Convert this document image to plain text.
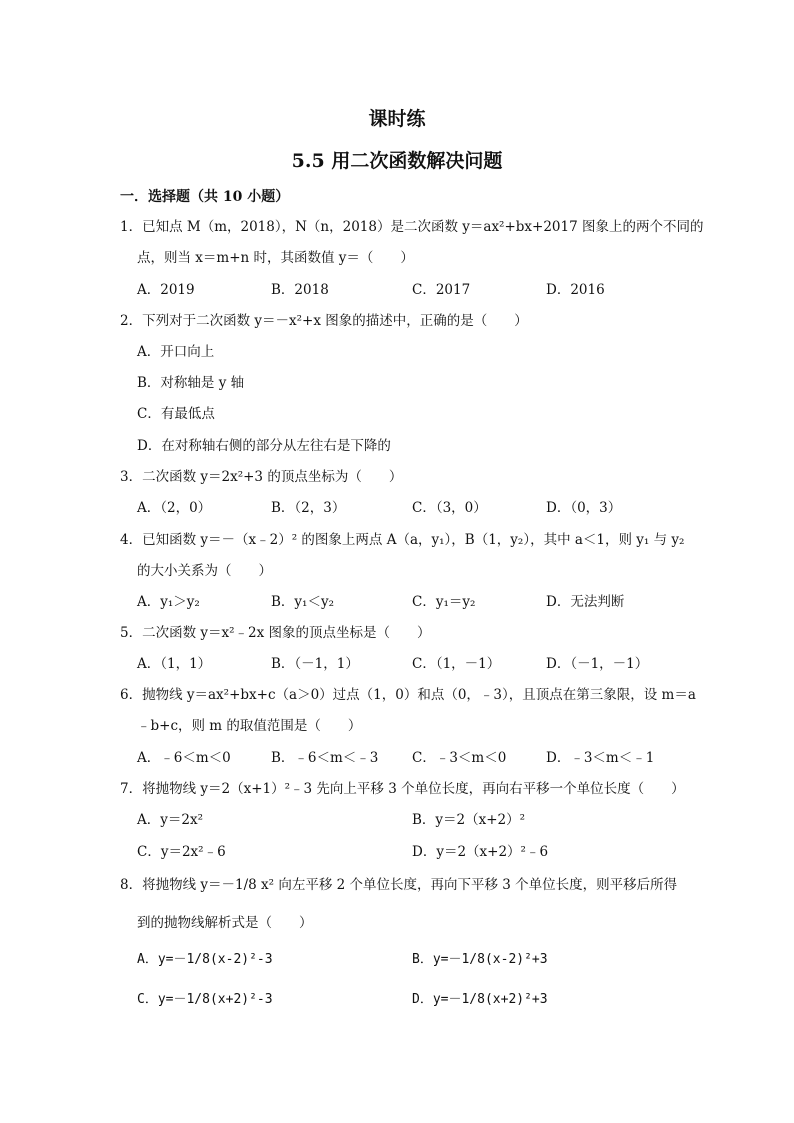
课时练
5.5 用二次函数解决问题
一．选择题（共 10 小题）
1．已知点 M（m，2018），N（n，2018）是二次函数 y＝ax²+bx+2017 图象上的两个不同的
点，则当 x＝m+n 时，其函数值 y＝（　　）
A．2019	B．2018	C．2017	D．2016
2．下列对于二次函数 y＝－x²+x 图象的描述中，正确的是（　　）
A．开口向上
B．对称轴是 y 轴
C．有最低点
D．在对称轴右侧的部分从左往右是下降的
3．二次函数 y＝2x²+3 的顶点坐标为（　　）
A．（2，0）	B．（2，3）	C．（3，0）	D．（0，3）
4．已知函数 y＝－（x﹣2）² 的图象上两点 A（a，y₁），B（1，y₂），其中 a＜1，则 y₁ 与 y₂
的大小关系为（　　）
A．y₁＞y₂	B．y₁＜y₂	C．y₁＝y₂	D．无法判断
5．二次函数 y＝x²﹣2x 图象的顶点坐标是（　　）
A．（1，1）	B．（－1，1）	C．（1，－1）	D．（－1，－1）
6．抛物线 y＝ax²+bx+c（a＞0）过点（1，0）和点（0，﹣3），且顶点在第三象限，设 m＝a
﹣b+c，则 m 的取值范围是（　　）
A．﹣6＜m＜0	B．﹣6＜m＜﹣3 C．﹣3＜m＜0	D．﹣3＜m＜﹣1
7．将抛物线 y＝2（x+1）²﹣3 先向上平移 3 个单位长度，再向右平移一个单位长度（　　）
A．y＝2x²	B．y＝2（x+2）²
C．y＝2x²﹣6	D．y＝2（x+2）²﹣6
8．将抛物线 y＝－1/8 x² 向左平移 2 个单位长度，再向下平移 3 个单位长度，则平移后所得
到的抛物线解析式是（　　）
A．y=－1/8(x-2)²-3	B．y=－1/8(x-2)²+3
C．y=－1/8(x+2)²-3	D．y=－1/8(x+2)²+3
